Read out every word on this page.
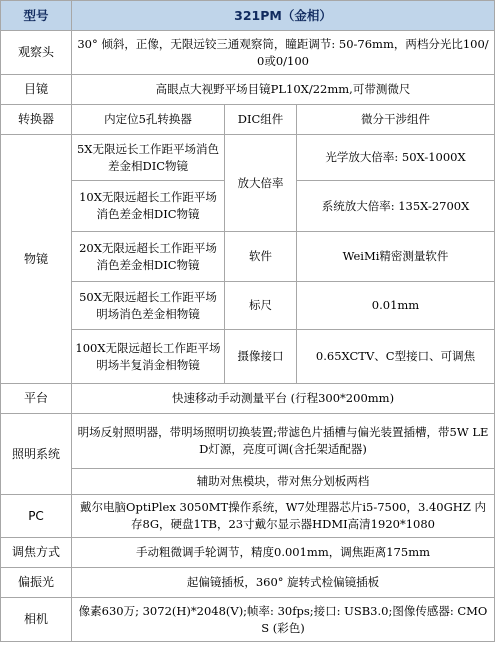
型号	321PM（金相）		
观察头	30° 倾斜，正像，无限远铰三通观察筒，瞳距调节: 50-76mm，两档分光比100/0或0/100		
目镜	高眼点大视野平场目镜PL10X/22mm,可带测微尺		
转换器	内定位5孔转换器	DIC组件	微分干涉组件
物镜	5X无限远长工作距平场消色差金相DIC物镜	放大倍率	光学放大倍率: 50X-1000X
	10X无限远超长工作距平场消色差金相DIC物镜		系统放大倍率: 135X-2700X
	20X无限远超长工作距平场消色差金相DIC物镜	软件	WeiMi精密测量软件
	50X无限远超长工作距平场明场消色差金相物镜	标尺	0.01mm
	100X无限远超长工作距平场明场半复消金相物镜	摄像接口	0.65XCTV、C型接口、可调焦
平台	快速移动手动测量平台 (行程300*200mm)		
照明系统	明场反射照明器，带明场照明切换装置;带滤色片插槽与偏光装置插槽，带5W LED灯源，亮度可调(含托架适配器)		
	辅助对焦模块，带对焦分划板两档		
PC	戴尔电脑OptiPlex 3050MT操作系统，W7处理器芯片i5-7500，3.40GHZ 内存8G，硬盘1TB，23寸戴尔显示器HDMI高清1920*1080		
调焦方式	手动粗微调手轮调节，精度0.001mm，调焦距离175mm		
偏振光	起偏镜插板，360° 旋转式检偏镜插板		
相机	像素630万; 3072(H)*2048(V);帧率: 30fps;接口: USB3.0;图像传感器: CMOS (彩色)		
